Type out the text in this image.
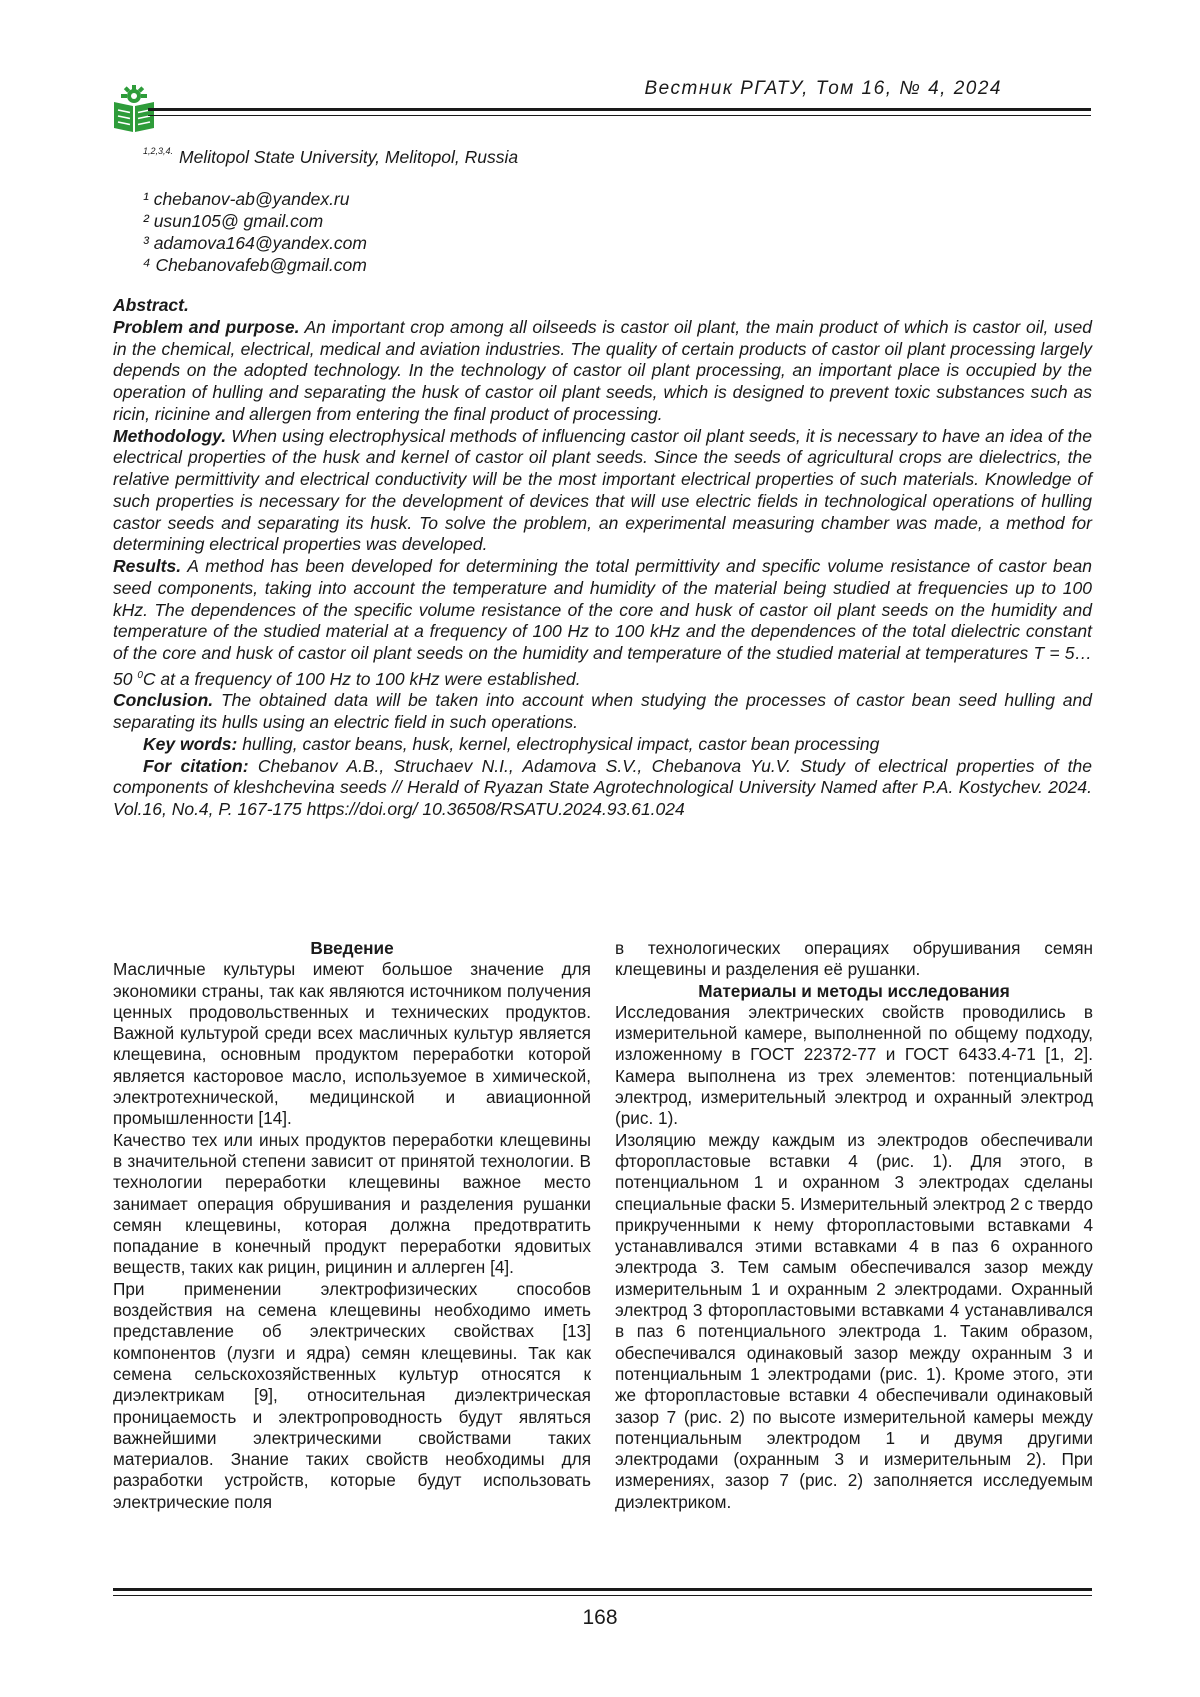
Вестник РГАТУ, Том 16, № 4, 2024
1,2,3,4. Melitopol State University, Melitopol, Russia
¹ chebanov-ab@yandex.ru
² usun105@ gmail.com
³ adamova164@yandex.com
⁴ Chebanovafeb@gmail.com

Abstract.

Problem and purpose. An important crop among all oilseeds is castor oil plant, the main product of which is castor oil, used in the chemical, electrical, medical and aviation industries. The quality of certain products of castor oil plant processing largely depends on the adopted technology. In the technology of castor oil plant processing, an important place is occupied by the operation of hulling and separating the husk of castor oil plant seeds, which is designed to prevent toxic substances such as ricin, ricinine and allergen from entering the final product of processing.

Methodology. When using electrophysical methods of influencing castor oil plant seeds, it is necessary to have an idea of the electrical properties of the husk and kernel of castor oil plant seeds. Since the seeds of agricultural crops are dielectrics, the relative permittivity and electrical conductivity will be the most important electrical properties of such materials. Knowledge of such properties is necessary for the development of devices that will use electric fields in technological operations of hulling castor seeds and separating its husk. To solve the problem, an experimental measuring chamber was made, a method for determining electrical properties was developed.

Results. A method has been developed for determining the total permittivity and specific volume resistance of castor bean seed components, taking into account the temperature and humidity of the material being studied at frequencies up to 100 kHz. The dependences of the specific volume resistance of the core and husk of castor oil plant seeds on the humidity and temperature of the studied material at a frequency of 100 Hz to 100 kHz and the dependences of the total dielectric constant of the core and husk of castor oil plant seeds on the humidity and temperature of the studied material at temperatures T = 5…50 0C at a frequency of 100 Hz to 100 kHz were established.

Conclusion. The obtained data will be taken into account when studying the processes of castor bean seed hulling and separating its hulls using an electric field in such operations.

Key words: hulling, castor beans, husk, kernel, electrophysical impact, castor bean processing

For citation: Chebanov A.B., Struchaev N.I., Adamova S.V., Chebanova Yu.V. Study of electrical properties of the components of kleshchevina seeds // Herald of Ryazan State Agrotechnological University Named after P.A. Kostychev. 2024. Vol.16, No.4, P. 167-175 https://doi.org/ 10.36508/RSATU.2024.93.61.024

Введение

Масличные культуры имеют большое значение для экономики страны, так как являются источником получения ценных продовольственных и технических продуктов. Важной культурой среди всех масличных культур является клещевина, основным продуктом переработки которой является касторовое масло, используемое в химической, электротехнической, медицинской и авиационной промышленности [14].

Качество тех или иных продуктов переработки клещевины в значительной степени зависит от принятой технологии. В технологии переработки клещевины важное место занимает операция обрушивания и разделения рушанки семян клещевины, которая должна предотвратить попадание в конечный продукт переработки ядовитых веществ, таких как рицин, рицинин и аллерген [4].

При применении электрофизических способов воздействия на семена клещевины необходимо иметь представление об электрических свойствах [13] компонентов (лузги и ядра) семян клещевины. Так как семена сельскохозяйственных культур относятся к диэлектрикам [9], относительная диэлектрическая проницаемость и электропроводность будут являться важнейшими электрическими свойствами таких материалов. Знание таких свойств необходимы для разработки устройств, которые будут использовать электрические поля

в технологических операциях обрушивания семян клещевины и разделения её рушанки.

Материалы и методы исследования

Исследования электрических свойств проводились в измерительной камере, выполненной по общему подходу, изложенному в ГОСТ 22372-77 и ГОСТ 6433.4-71 [1, 2]. Камера выполнена из трех элементов: потенциальный электрод, измерительный электрод и охранный электрод (рис. 1).

Изоляцию между каждым из электродов обеспечивали фторопластовые вставки 4 (рис. 1). Для этого, в потенциальном 1 и охранном 3 электродах сделаны специальные фаски 5. Измерительный электрод 2 с твердо прикрученными к нему фторопластовыми вставками 4 устанавливался этими вставками 4 в паз 6 охранного электрода 3. Тем самым обеспечивался зазор между измерительным 1 и охранным 2 электродами. Охранный электрод 3 фторопластовыми вставками 4 устанавливался в паз 6 потенциального электрода 1. Таким образом, обеспечивался одинаковый зазор между охранным 3 и потенциальным 1 электродами (рис. 1). Кроме этого, эти же фторопластовые вставки 4 обеспечивали одинаковый зазор 7 (рис. 2) по высоте измерительной камеры между потенциальным электродом 1 и двумя другими электродами (охранным 3 и измерительным 2). При измерениях, зазор 7 (рис. 2) заполняется исследуемым диэлектриком.

168
